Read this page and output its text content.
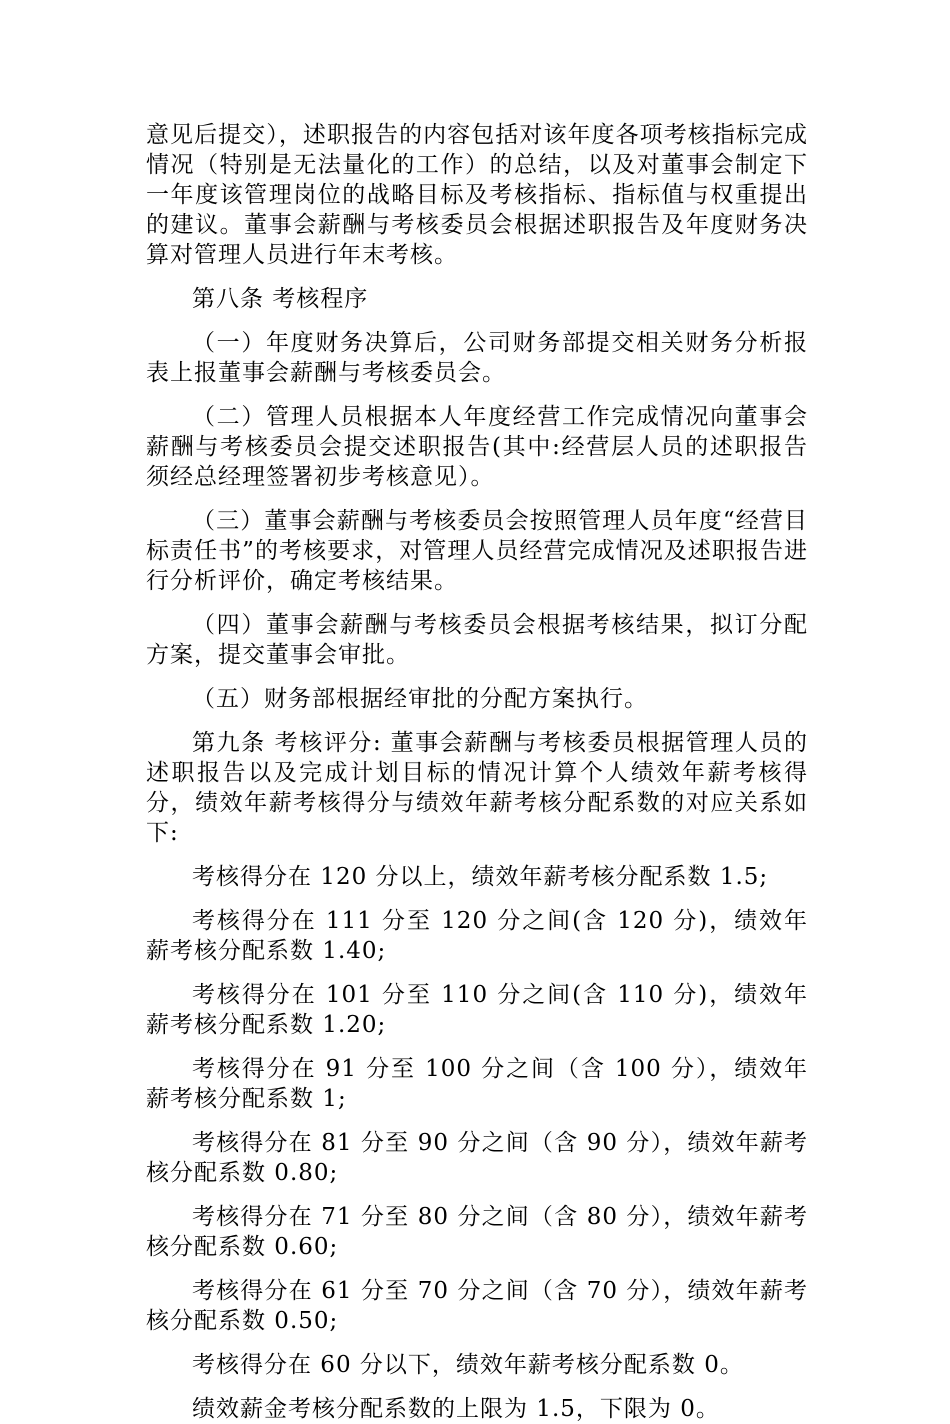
意见后提交），述职报告的内容包括对该年度各项考核指标完成情况（特别是无法量化的工作）的总结，以及对董事会制定下一年度该管理岗位的战略目标及考核指标、指标值与权重提出的建议。董事会薪酬与考核委员会根据述职报告及年度财务决算对管理人员进行年末考核。

第八条 考核程序

（一）年度财务决算后，公司财务部提交相关财务分析报表上报董事会薪酬与考核委员会。

（二）管理人员根据本人年度经营工作完成情况向董事会薪酬与考核委员会提交述职报告(其中:经营层人员的述职报告须经总经理签署初步考核意见）。

（三）董事会薪酬与考核委员会按照管理人员年度“经营目标责任书”的考核要求，对管理人员经营完成情况及述职报告进行分析评价，确定考核结果。

（四）董事会薪酬与考核委员会根据考核结果，拟订分配方案，提交董事会审批。

（五）财务部根据经审批的分配方案执行。

第九条 考核评分: 董事会薪酬与考核委员根据管理人员的述职报告以及完成计划目标的情况计算个人绩效年薪考核得分，绩效年薪考核得分与绩效年薪考核分配系数的对应关系如下:

考核得分在 120 分以上，绩效年薪考核分配系数 1.5;

考核得分在 111 分至 120 分之间(含 120 分)，绩效年薪考核分配系数 1.40;

考核得分在 101 分至 110 分之间(含 110 分)，绩效年薪考核分配系数 1.20;

考核得分在 91 分至 100 分之间（含 100 分），绩效年薪考核分配系数 1;

考核得分在 81 分至 90 分之间（含 90 分），绩效年薪考核分配系数 0.80;

考核得分在 71 分至 80 分之间（含 80 分），绩效年薪考核分配系数 0.60;

考核得分在 61 分至 70 分之间（含 70 分），绩效年薪考核分配系数 0.50;

考核得分在 60 分以下，绩效年薪考核分配系数 0。

绩效薪金考核分配系数的上限为 1.5，下限为 0。
